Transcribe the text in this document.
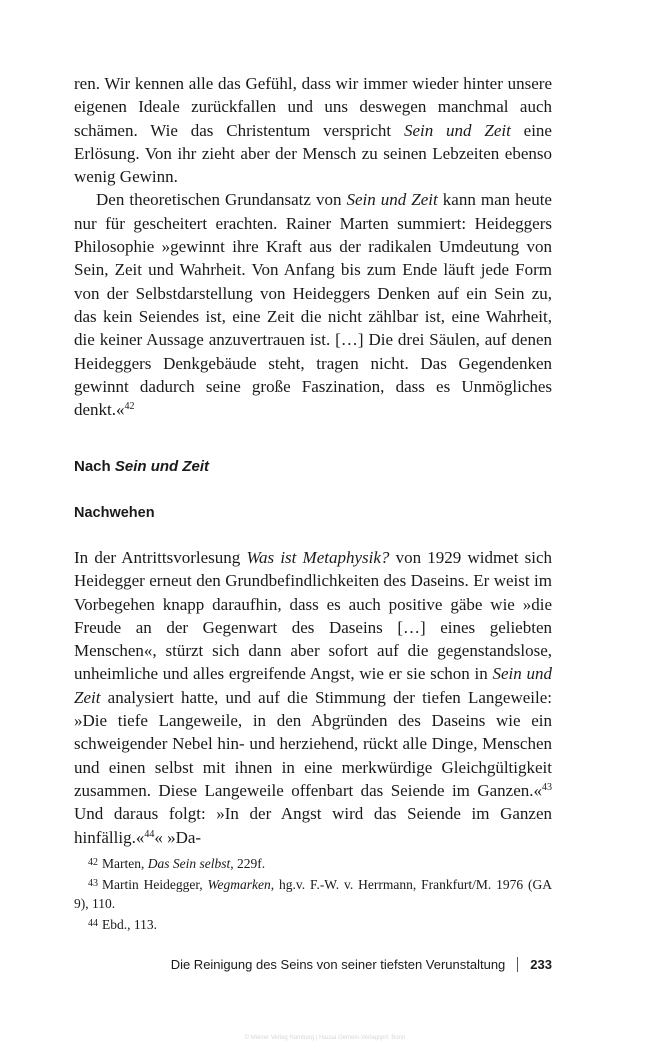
ren. Wir kennen alle das Gefühl, dass wir immer wieder hinter unsere eigenen Ideale zurückfallen und uns deswegen manchmal auch schämen. Wie das Christentum verspricht Sein und Zeit eine Erlösung. Von ihr zieht aber der Mensch zu seinen Lebzeiten ebenso wenig Gewinn.

Den theoretischen Grundansatz von Sein und Zeit kann man heute nur für gescheitert erachten. Rainer Marten summiert: Heideggers Philosophie »gewinnt ihre Kraft aus der radikalen Umdeutung von Sein, Zeit und Wahrheit. Von Anfang bis zum Ende läuft jede Form von der Selbstdarstellung von Heideggers Denken auf ein Sein zu, das kein Seiendes ist, eine Zeit die nicht zählbar ist, eine Wahrheit, die keiner Aussage anzuvertrauen ist. […] Die drei Säulen, auf denen Heideggers Denkgebäude steht, tragen nicht. Das Gegendenken gewinnt dadurch seine große Faszination, dass es Unmögliches denkt.«$^{42}$

Nach Sein und Zeit
Nachwehen

In der Antrittsvorlesung Was ist Metaphysik? von 1929 widmet sich Heidegger erneut den Grundbefindlichkeiten des Daseins. Er weist im Vorbegehen knapp daraufhin, dass es auch positive gäbe wie »die Freude an der Gegenwart des Daseins […] eines geliebten Menschen«, stürzt sich dann aber sofort auf die gegenstandslose, unheimliche und alles ergreifende Angst, wie er sie schon in Sein und Zeit analysiert hatte, und auf die Stimmung der tiefen Langeweile: »Die tiefe Langeweile, in den Abgründen des Daseins wie ein schweigender Nebel hin- und herziehend, rückt alle Dinge, Menschen und einen selbst mit ihnen in eine merkwürdige Gleichgültigkeit zusammen. Diese Langeweile offenbart das Seiende im Ganzen.«$^{43}$ Und daraus folgt: »In der Angst wird das Seiende im Ganzen hinfällig.«$^{44}$« »Da-

$^{42}$ Marten, Das Sein selbst, 229f.

$^{43}$ Martin Heidegger, Wegmarken, hg.v. F.-W. v. Herrmann, Frankfurt/M. 1976 (GA 9), 110.

$^{44}$ Ebd., 113.

Die Reinigung des Seins von seiner tiefsten Verunstaltung 233
© Meiner Verlag Hamburg | Hausa Gemein-Verlagsprt. Bonn
